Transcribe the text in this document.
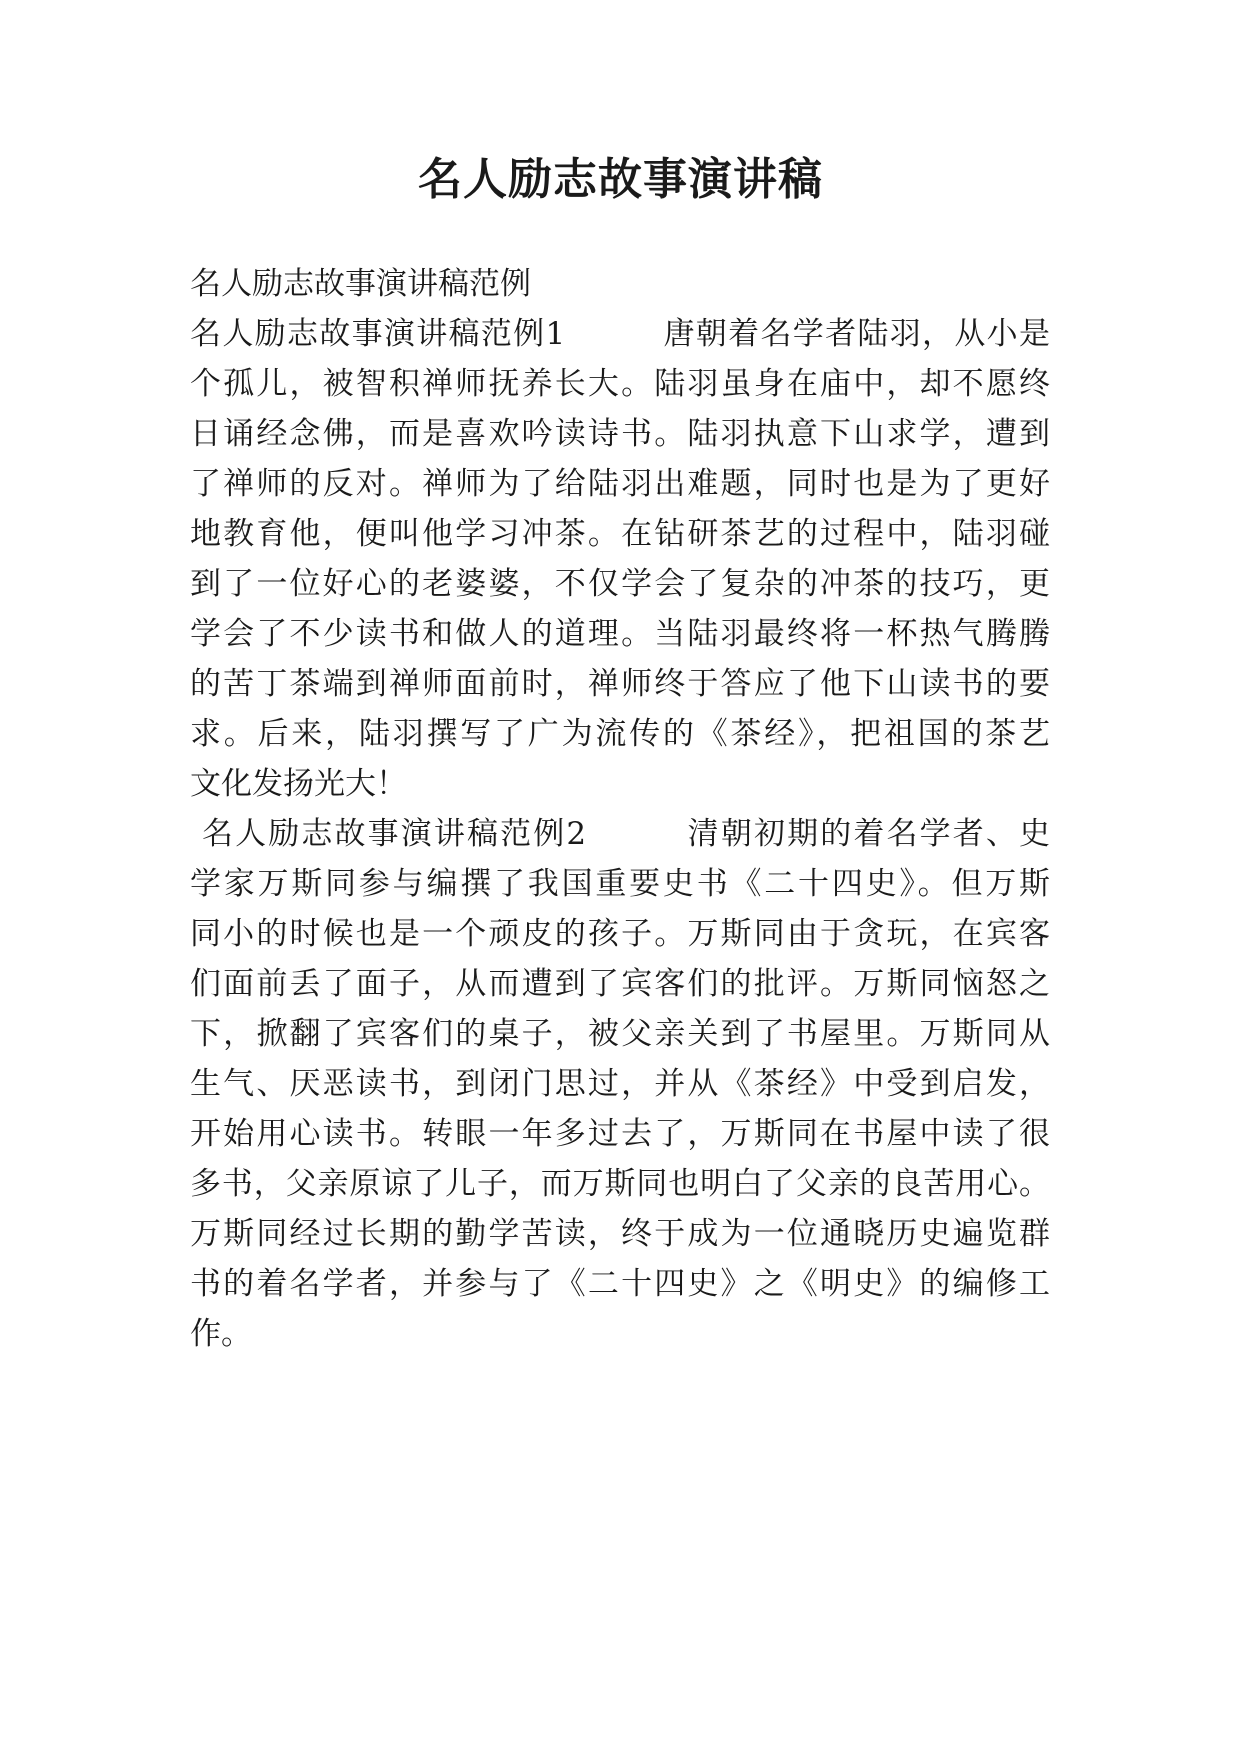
名人励志故事演讲稿
名人励志故事演讲稿范例
名人励志故事演讲稿范例1　　　唐朝着名学者陆羽，从小是
个孤儿，被智积禅师抚养长大。陆羽虽身在庙中，却不愿终
日诵经念佛，而是喜欢吟读诗书。陆羽执意下山求学，遭到
了禅师的反对。禅师为了给陆羽出难题，同时也是为了更好
地教育他，便叫他学习冲茶。在钻研茶艺的过程中，陆羽碰
到了一位好心的老婆婆，不仅学会了复杂的冲茶的技巧，更
学会了不少读书和做人的道理。当陆羽最终将一杯热气腾腾
的苦丁茶端到禅师面前时，禅师终于答应了他下山读书的要
求。后来，陆羽撰写了广为流传的《茶经》，把祖国的茶艺
文化发扬光大！
名人励志故事演讲稿范例2　　　清朝初期的着名学者、史
学家万斯同参与编撰了我国重要史书《二十四史》。但万斯
同小的时候也是一个顽皮的孩子。万斯同由于贪玩，在宾客
们面前丢了面子，从而遭到了宾客们的批评。万斯同恼怒之
下，掀翻了宾客们的桌子，被父亲关到了书屋里。万斯同从
生气、厌恶读书，到闭门思过，并从《茶经》中受到启发，
开始用心读书。转眼一年多过去了，万斯同在书屋中读了很
多书，父亲原谅了儿子，而万斯同也明白了父亲的良苦用心。
万斯同经过长期的勤学苦读，终于成为一位通晓历史遍览群
书的着名学者，并参与了《二十四史》之《明史》的编修工
作。
